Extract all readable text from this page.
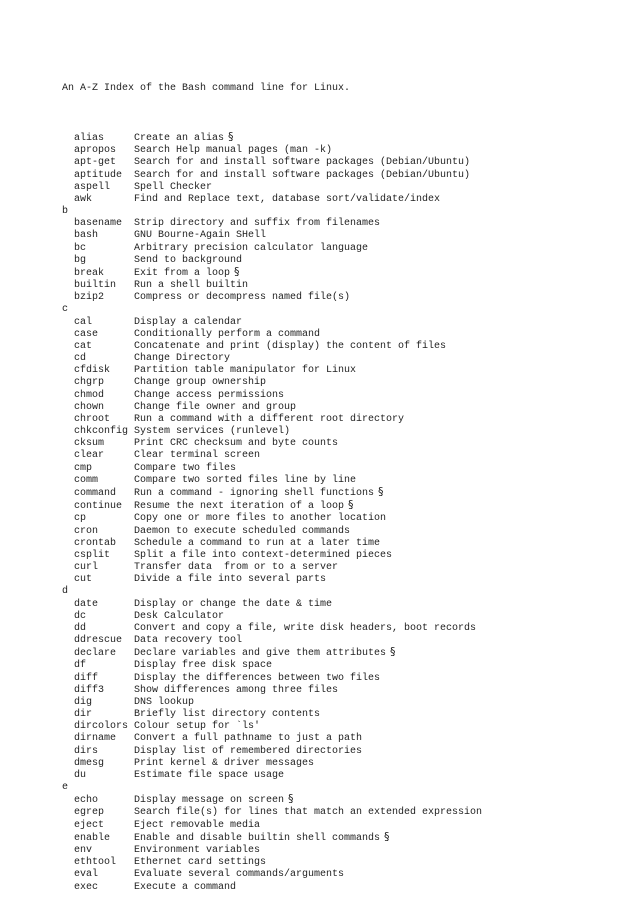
An A-Z Index of the Bash command line for Linux.

alias	Create an alias §
apropos Search Help manual pages (man -k)
apt-get Search for and install software packages (Debian/Ubuntu)
aptitude Search for and install software packages (Debian/Ubuntu)
aspell Spell Checker
awk	Find and Replace text, database sort/validate/index
b
basename Strip directory and suffix from filenames
bash	GNU Bourne-Again SHell
bc	Arbitrary precision calculator language
bg	Send to background
break	Exit from a loop §
builtin Run a shell builtin
bzip2	Compress or decompress named file(s)
c
cal	Display a calendar
case	Conditionally perform a command
cat	Concatenate and print (display) the content of files
cd	Change Directory
cfdisk Partition table manipulator for Linux
chgrp	Change group ownership
chmod	Change access permissions
chown	Change file owner and group
chroot Run a command with a different root directory
chkconfig System services (runlevel)
cksum	Print CRC checksum and byte counts
clear	Clear terminal screen
cmp	Compare two files
comm	Compare two sorted files line by line
command Run a command - ignoring shell functions §
continue Resume the next iteration of a loop §
cp	Copy one or more files to another location
cron	Daemon to execute scheduled commands
crontab Schedule a command to run at a later time
csplit Split a file into context-determined pieces
curl	Transfer data  from or to a server
cut	Divide a file into several parts
d
date	Display or change the date & time
dc	Desk Calculator
dd	Convert and copy a file, write disk headers, boot records
ddrescue Data recovery tool
declare Declare variables and give them attributes §
df	Display free disk space
diff	Display the differences between two files
diff3	Show differences among three files
dig	DNS lookup
dir	Briefly list directory contents
dircolors Colour setup for `ls'
dirname Convert a full pathname to just a path
dirs	Display list of remembered directories
dmesg	Print kernel & driver messages
du	Estimate file space usage
e
echo	Display message on screen §
egrep	Search file(s) for lines that match an extended expression
eject	Eject removable media
enable Enable and disable builtin shell commands §
env	Environment variables
ethtool Ethernet card settings
eval	Evaluate several commands/arguments
exec	Execute a command
